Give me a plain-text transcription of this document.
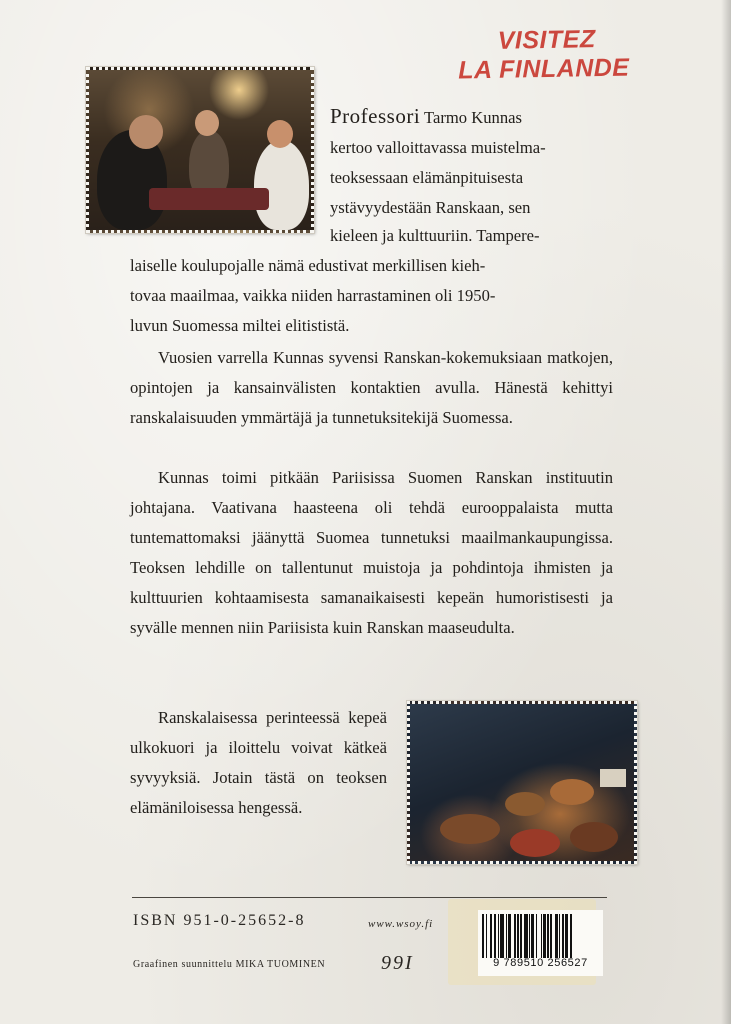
VISITEZ
LA FINLANDE

Professori Tarmo Kunnas

kertoo valloittavassa muistelma-

teoksessaan elämänpituisesta

ystävyydestään Ranskaan, sen

kieleen ja kulttuuriin. Tampere-

laiselle koulupojalle nämä edustivat merkillisen kieh-

tovaa maailmaa, vaikka niiden harrastaminen oli 1950-

luvun Suomessa miltei elitististä.

Vuosien varrella Kunnas syvensi Ranskan-kokemuksiaan matkojen, opintojen ja kansainvälisten kontaktien avulla. Hänestä kehittyi ranskalaisuuden ymmärtäjä ja tunnetuksitekijä Suomessa.

Kunnas toimi pitkään Pariisissa Suomen Ranskan instituutin johtajana. Vaativana haasteena oli tehdä eurooppalaista mutta tuntemattomaksi jäänyttä Suomea tunnetuksi maailmankaupungissa. Teoksen lehdille on tallentunut muistoja ja pohdintoja ihmisten ja kulttuurien kohtaamisesta samanaikaisesti kepeän humoristisesti ja syvälle mennen niin Pariisista kuin Ranskan maaseudulta.

Ranskalaisessa perinteessä kepeä ulkokuori ja iloittelu voivat kätkeä syvyyksiä. Jotain tästä on teoksen elämäniloisessa hengessä.

ISBN 951-0-25652-8	www.wsoy.fi
Graafinen suunnittelu MIKA TUOMINEN	99I	9 789510 256527
